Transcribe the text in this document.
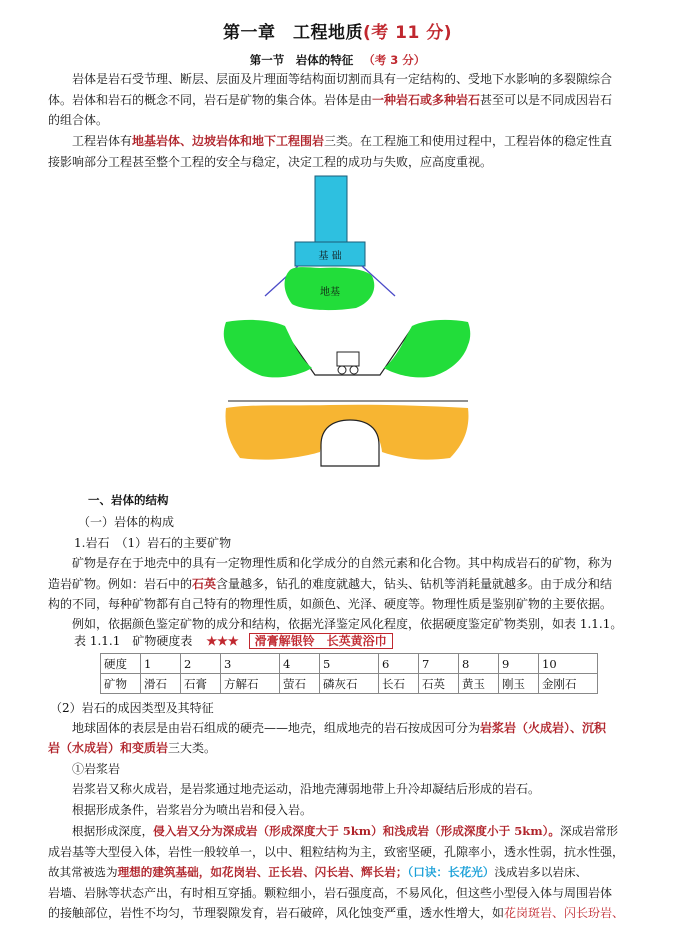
第一章　工程地质(考 11 分)
第一节　岩体的特征 （考 3 分）
岩体是岩石受节理、断层、层面及片理面等结构面切割而具有一定结构的、受地下水影响的多裂隙综合
体。岩体和岩石的概念不同，岩石是矿物的集合体。岩体是由一种岩石或多种岩石甚至可以是不同成因岩石
的组合体。
工程岩体有地基岩体、边坡岩体和地下工程围岩三类。在工程施工和使用过程中，工程岩体的稳定性直
接影响部分工程甚至整个工程的安全与稳定，决定工程的成功与失败，应高度重视。
基 础
地基
一、岩体的结构
（一）岩体的构成
1.岩石　（1）岩石的主要矿物
矿物是存在于地壳中的具有一定物理性质和化学成分的自然元素和化合物。其中构成岩石的矿物，称为
造岩矿物。例如：岩石中的石英含量越多，钻孔的难度就越大，钻头、钻机等消耗量就越多。由于成分和结
构的不同，每种矿物都有自己特有的物理性质，如颜色、光泽、硬度等。物理性质是鉴别矿物的主要依据。
例如，依据颜色鉴定矿物的成分和结构，依据光泽鉴定风化程度，依据硬度鉴定矿物类别，如表 1.1.1。
表 1.1.1　矿物硬度表 ★★★ 滑膏解银铃　长英黄浴巾
硬度	1	2	3	4	5	6	7	8	9	10
矿物	滑石	石膏	方解石	萤石	磷灰石	长石	石英	黄玉	刚玉	金刚石
（2）岩石的成因类型及其特征
地球固体的表层是由岩石组成的硬壳——地壳，组成地壳的岩石按成因可分为岩浆岩（火成岩）、沉积
岩（水成岩）和变质岩三大类。
①岩浆岩
岩浆岩又称火成岩，是岩浆通过地壳运动，沿地壳薄弱地带上升冷却凝结后形成的岩石。
根据形成条件，岩浆岩分为喷出岩和侵入岩。
根据形成深度，侵入岩又分为深成岩（形成深度大于 5km）和浅成岩（形成深度小于 5km）。深成岩常形
成岩基等大型侵入体，岩性一般较单一，以中、粗粒结构为主，致密坚硬，孔隙率小，透水性弱，抗水性强，
故其常被选为理想的建筑基础，如花岗岩、正长岩、闪长岩、辉长岩；（口诀：长花光）浅成岩多以岩床、
岩墙、岩脉等状态产出，有时相互穿插。颗粒细小，岩石强度高，不易风化，但这些小型侵入体与周围岩体
的接触部位，岩性不均匀，节理裂隙发育，岩石破碎，风化蚀变严重，透水性增大，如花岗斑岩、闪长玢岩、
